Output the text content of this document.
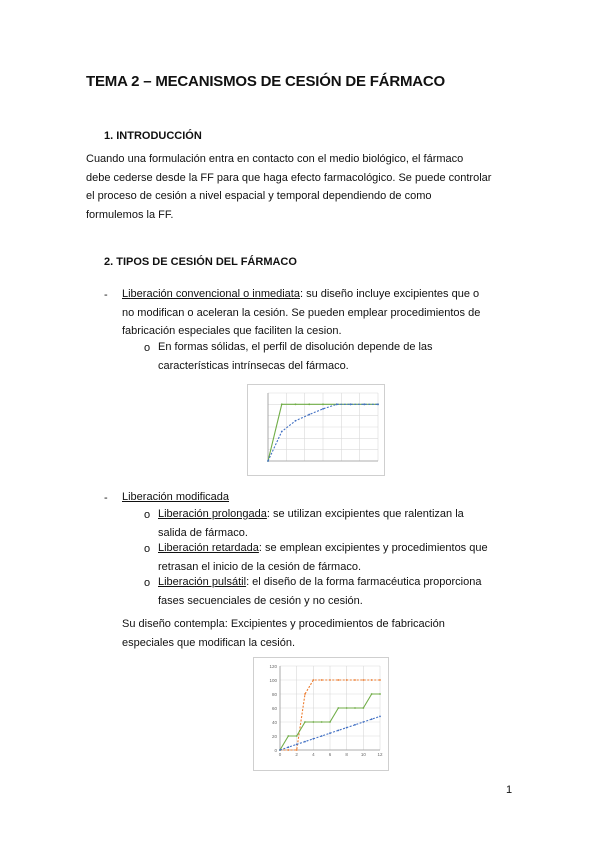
TEMA 2 – MECANISMOS DE CESIÓN DE FÁRMACO
1. INTRODUCCIÓN
Cuando una formulación entra en contacto con el medio biológico, el fármaco
debe cederse desde la FF para que haga efecto farmacológico. Se puede controlar
el proceso de cesión a nivel espacial y temporal dependiendo de como
formulemos la FF.
2. TIPOS DE CESIÓN DEL FÁRMACO
- Liberación convencional o inmediata: su diseño incluye excipientes que o
no modifican o aceleran la cesión. Se pueden emplear procedimientos de
fabricación especiales que faciliten la cesion.
o En formas sólidas, el perfil de disolución depende de las
características intrínsecas del fármaco.
- Liberación modificada
o Liberación prolongada: se utilizan excipientes que ralentizan la
salida de fármaco.
o Liberación retardada: se emplean excipientes y procedimientos que
retrasan el inicio de la cesión de fármaco.
o Liberación pulsátil: el diseño de la forma farmacéutica proporciona
fases secuenciales de cesión y no cesión.
Su diseño contempla: Excipientes y procedimientos de fabricación
especiales que modifican la cesión.
0
20
40
60
80
100
120
0	2	4	6	8	10	12
1
